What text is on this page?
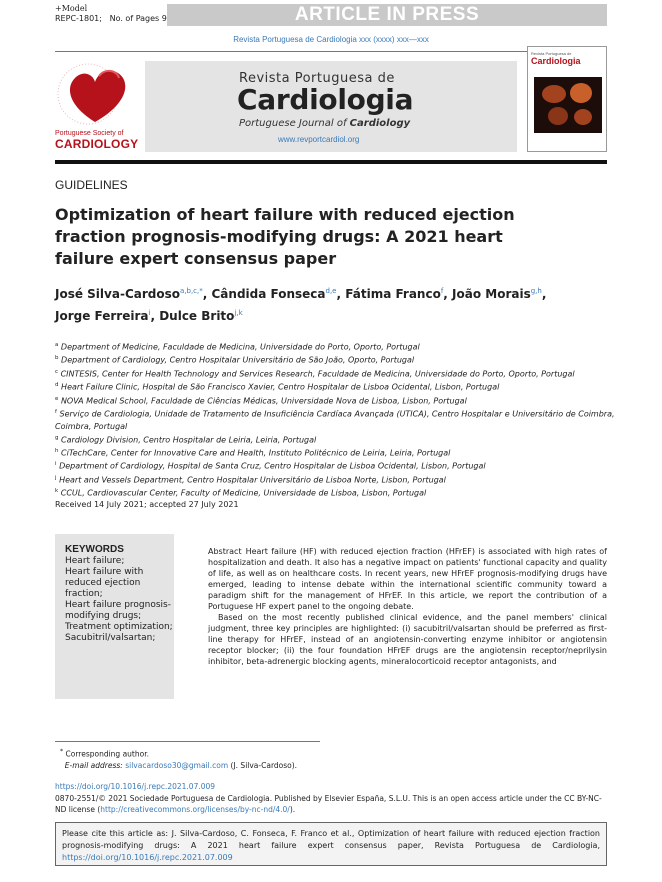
+Model
REPC-1801; No. of Pages 9	ARTICLE IN PRESS
Revista Portuguesa de Cardiologia xxx (xxxx) xxx—xxx
Portuguese Society of
CARDIOLOGY
Revista Portuguesa de
Cardiologia
Portuguese Journal of Cardiology
www.revportcardiol.org
Revista Portuguesa de
Cardiologia
GUIDELINES
Optimization of heart failure with reduced ejection fraction prognosis-modifying drugs: A 2021 heart failure expert consensus paper
José Silva-Cardoso$^{a,b,c,*}$, Cândida Fonseca$^{d,e}$, Fátima Franco$^f$, João Morais$^{g,h}$,
Jorge Ferreira$^i$, Dulce Brito$^{j,k}$
$^a$ Department of Medicine, Faculdade de Medicina, Universidade do Porto, Oporto, Portugal
$^b$ Department of Cardiology, Centro Hospitalar Universitário de São João, Oporto, Portugal
$^c$ CINTESIS, Center for Health Technology and Services Research, Faculdade de Medicina, Universidade do Porto, Oporto, Portugal
$^d$ Heart Failure Clinic, Hospital de São Francisco Xavier, Centro Hospitalar de Lisboa Ocidental, Lisbon, Portugal
$^e$ NOVA Medical School, Faculdade de Ciências Médicas, Universidade Nova de Lisboa, Lisbon, Portugal
$^f$ Serviço de Cardiologia, Unidade de Tratamento de Insuficiência Cardíaca Avançada (UTICA), Centro Hospitalar e Universitário de Coimbra, Coimbra, Portugal
$^g$ Cardiology Division, Centro Hospitalar de Leiria, Leiria, Portugal
$^h$ CiTechCare, Center for Innovative Care and Health, Instituto Politécnico de Leiria, Leiria, Portugal
$^i$ Department of Cardiology, Hospital de Santa Cruz, Centro Hospitalar de Lisboa Ocidental, Lisbon, Portugal
$^j$ Heart and Vessels Department, Centro Hospitalar Universitário de Lisboa Norte, Lisbon, Portugal
$^k$ CCUL, Cardiovascular Center, Faculty of Medicine, Universidade de Lisboa, Lisbon, Portugal
Received 14 July 2021; accepted 27 July 2021
KEYWORDS
Heart failure;
Heart failure with reduced ejection fraction;
Heart failure prognosis-modifying drugs;
Treatment optimization;
Sacubitril/valsartan;

Abstract Heart failure (HF) with reduced ejection fraction (HFrEF) is associated with high rates of hospitalization and death. It also has a negative impact on patients' functional capacity and quality of life, as well as on healthcare costs. In recent years, new HFrEF prognosis-modifying drugs have emerged, leading to intense debate within the international scientific community toward a paradigm shift for the management of HFrEF. In this article, we report the contribution of a Portuguese HF expert panel to the ongoing debate.

Based on the most recently published clinical evidence, and the panel members' clinical judgment, three key principles are highlighted: (i) sacubitril/valsartan should be preferred as first-line therapy for HFrEF, instead of an angiotensin-converting enzyme inhibitor or angiotensin receptor blocker; (ii) the four foundation HFrEF drugs are the angiotensin receptor/neprilysin inhibitor, beta-adrenergic blocking agents, mineralocorticoid receptor antagonists, and

* Corresponding author.
E-mail address: silvacardoso30@gmail.com (J. Silva-Cardoso).
https://doi.org/10.1016/j.repc.2021.07.009
0870-2551/© 2021 Sociedade Portuguesa de Cardiologia. Published by Elsevier España, S.L.U. This is an open access article under the CC BY-NC-ND license (http://creativecommons.org/licenses/by-nc-nd/4.0/).
Please cite this article as: J. Silva-Cardoso, C. Fonseca, F. Franco et al., Optimization of heart failure with reduced ejection fraction prognosis-modifying drugs: A 2021 heart failure expert consensus paper, Revista Portuguesa de Cardiologia, https://doi.org/10.1016/j.repc.2021.07.009
